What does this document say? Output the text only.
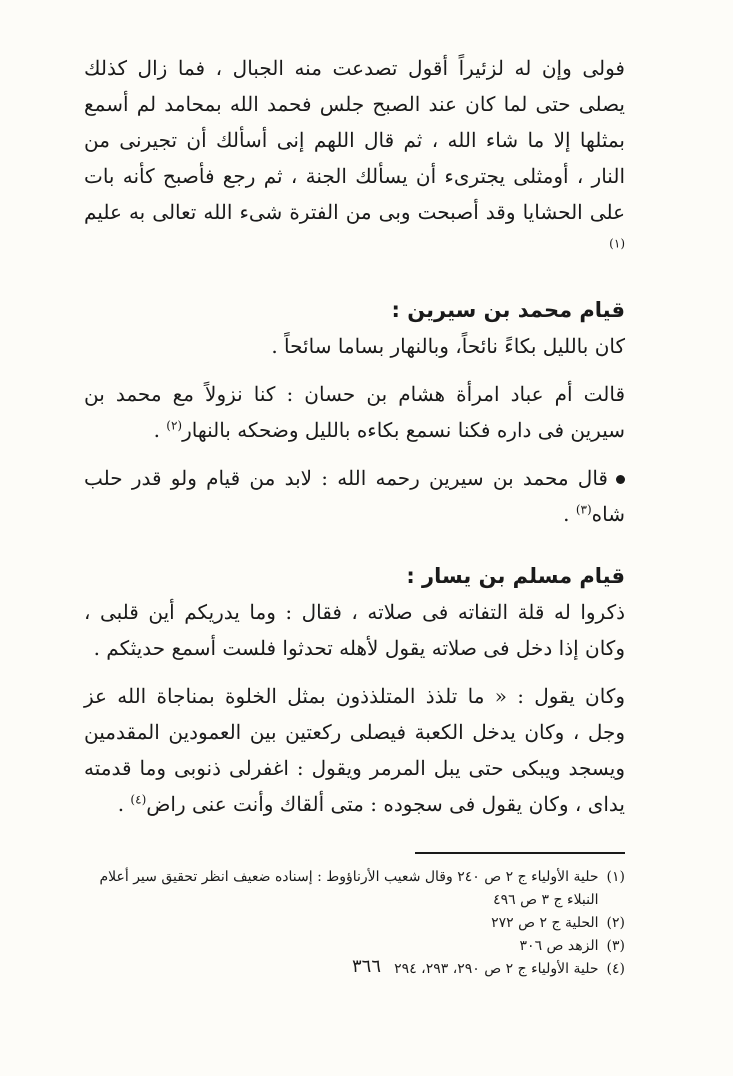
فولى وإن له لزئيراً أقول تصدعت منه الجبال ، فما زال كذلك يصلى حتى لما كان عند الصبح جلس فحمد الله بمحامد لم أسمع بمثلها إلا ما شاء الله ، ثم قال اللهم إنى أسألك أن تجيرنى من النار ، أومثلى يجترىء أن يسألك الجنة ، ثم رجع فأصبح كأنه بات على الحشايا وقد أصبحت وبى من الفترة شىء الله تعالى به عليم $^{(١)}$

قيام محمد بن سيرين :

كان بالليل بكاءً نائحاً، وبالنهار بساما سائحاً .

قالت أم عباد امرأة هشام بن حسان : كنا نزولاً مع محمد بن سيرين فى داره فكنا نسمع بكاءه بالليل وضحكه بالنهار$^{(٢)}$ .

قال محمد بن سيرين رحمه الله : لابد من قيام ولو قدر حلب شاه$^{(٣)}$ .

قيام مسلم بن يسار :

ذكروا له قلة التفاته فى صلاته ، فقال : وما يدريكم أين قلبى ، وكان إذا دخل فى صلاته يقول لأهله تحدثوا فلست أسمع حديثكم .

وكان يقول : « ما تلذذ المتلذذون بمثل الخلوة بمناجاة الله عز وجل ، وكان يدخل الكعبة فيصلى ركعتين بين العمودين المقدمين ويسجد ويبكى حتى يبل المرمر ويقول : اغفرلى ذنوبى وما قدمته يداى ، وكان يقول فى سجوده : متى ألقاك وأنت عنى راض$^{(٤)}$ .

(١)
حلية الأولياء ج ٢ ص ٢٤٠ وقال شعيب الأرناؤوط : إسناده ضعيف انظر تحقيق سير أعلام النبلاء ج ٣ ص ٤٩٦
(٢)
الحلية ج ٢ ص ٢٧٢
(٣)
الزهد ص ٣٠٦
(٤)
حلية الأولياء ج ٢ ص ٢٩٠، ٢٩٣، ٢٩٤
٣٦٦
